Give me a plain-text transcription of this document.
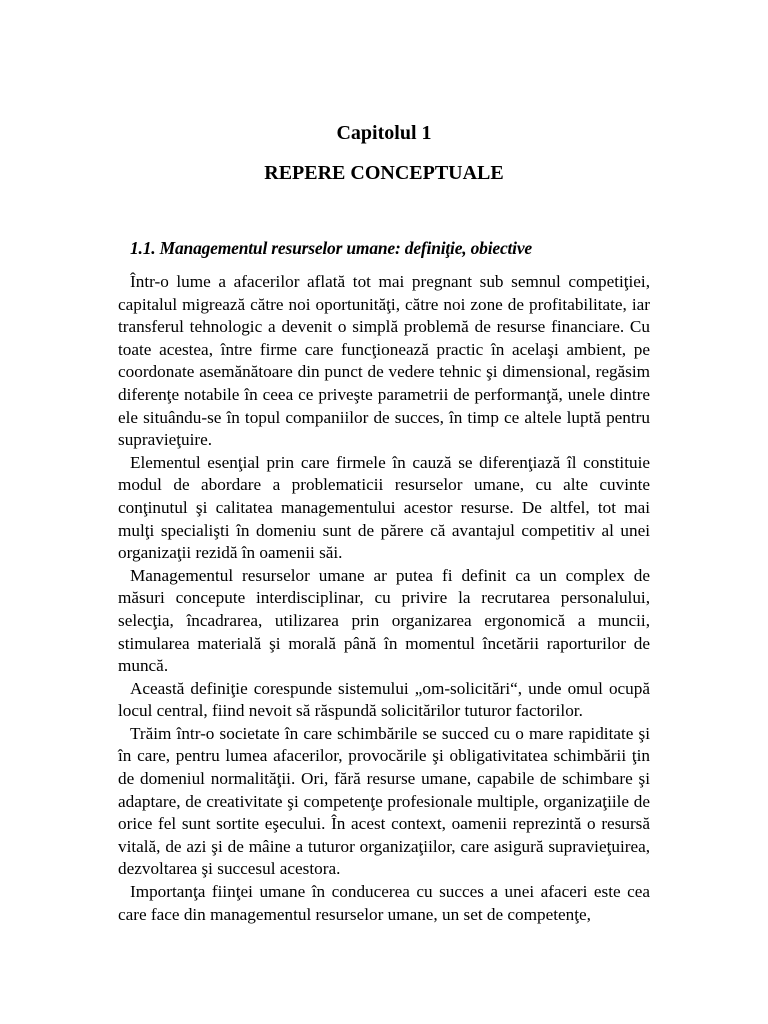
Capitolul 1
REPERE CONCEPTUALE
1.1. Managementul resurselor umane: definiţie, obiective

Într-o lume a afacerilor aflată tot mai pregnant sub semnul competiţiei, capitalul migrează către noi oportunităţi, către noi zone de profitabilitate, iar transferul tehnologic a devenit o simplă problemă de resurse financiare. Cu toate acestea, între firme care funcţionează practic în acelaşi ambient, pe coordonate asemănătoare din punct de vedere tehnic şi dimensional, regăsim diferenţe notabile în ceea ce priveşte parametrii de performanţă, unele dintre ele situându-se în topul companiilor de succes, în timp ce altele luptă pentru supravieţuire.

Elementul esenţial prin care firmele în cauză se diferenţiază îl constituie modul de abordare a problematicii resurselor umane, cu alte cuvinte conţinutul şi calitatea managementului acestor resurse. De altfel, tot mai mulţi specialişti în domeniu sunt de părere că avantajul competitiv al unei organizaţii rezidă în oamenii săi.

Managementul resurselor umane ar putea fi definit ca un complex de măsuri concepute interdisciplinar, cu privire la recrutarea personalului, selecţia, încadrarea, utilizarea prin organizarea ergonomică a muncii, stimularea materială şi morală până în momentul încetării raporturilor de muncă.

Această definiţie corespunde sistemului „om-solicitări“, unde omul ocupă locul central, fiind nevoit să răspundă solicitărilor tuturor factorilor.

Trăim într-o societate în care schimbările se succed cu o mare rapiditate şi în care, pentru lumea afacerilor, provocările şi obligativitatea schimbării ţin de domeniul normalităţii. Ori, fără resurse umane, capabile de schimbare şi adaptare, de creativitate şi competenţe profesionale multiple, organizaţiile de orice fel sunt sortite eşecului. În acest context, oamenii reprezintă o resursă vitală, de azi şi de mâine a tuturor organizaţiilor, care asigură supravieţuirea, dezvoltarea şi succesul acestora.

Importanţa fiinţei umane în conducerea cu succes a unei afaceri este cea care face din managementul resurselor umane, un set de competenţe,
